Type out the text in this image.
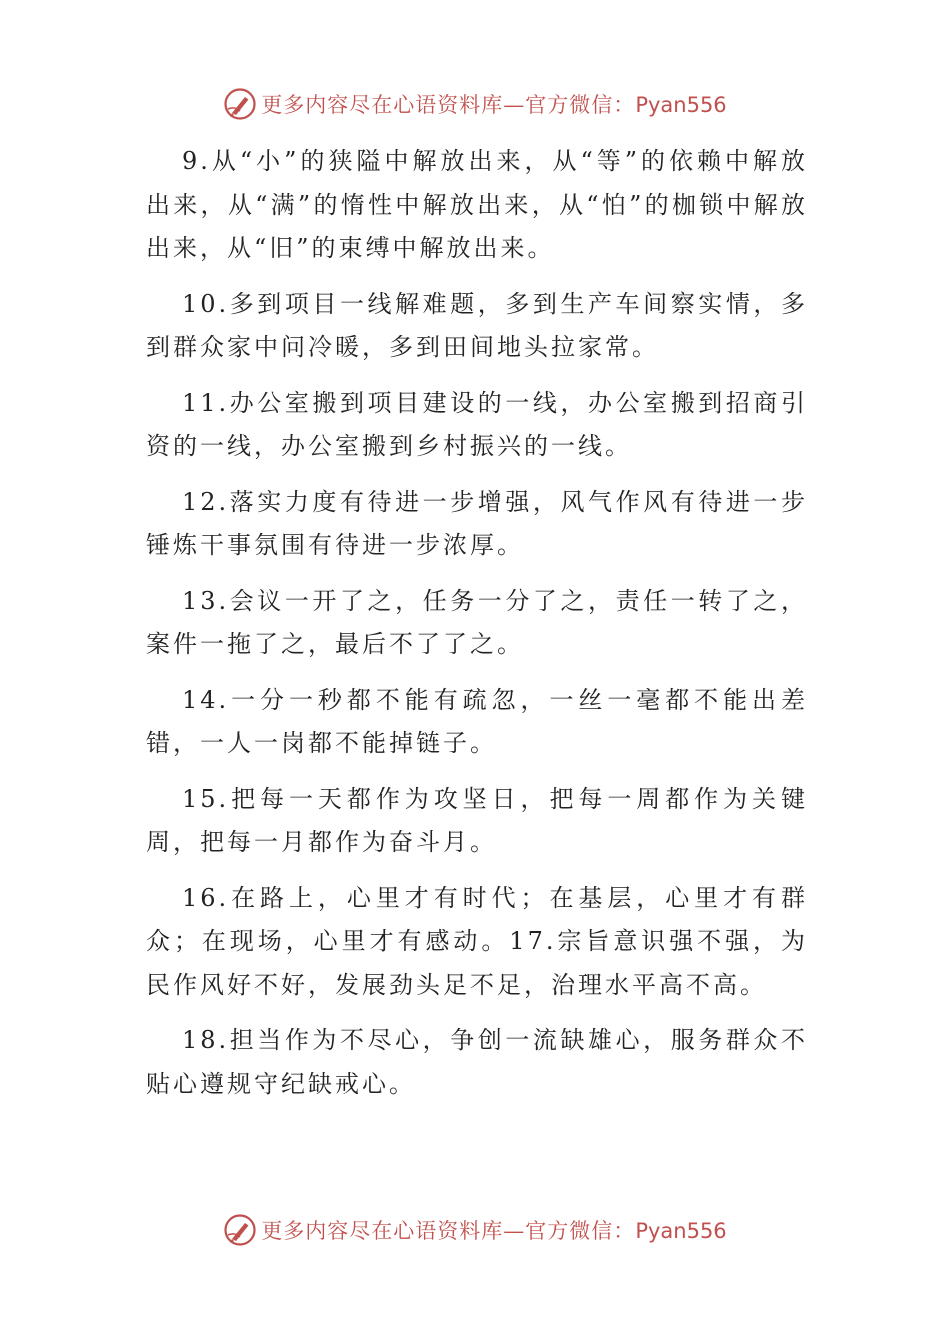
更多内容尽在心语资料库—官方微信：Pyan556

9.从“小”的狭隘中解放出来，从“等”的依赖中解放出来，从“满”的惰性中解放出来，从“怕”的枷锁中解放出来，从“旧”的束缚中解放出来。

10.多到项目一线解难题，多到生产车间察实情，多到群众家中问冷暖，多到田间地头拉家常。

11.办公室搬到项目建设的一线，办公室搬到招商引资的一线，办公室搬到乡村振兴的一线。

12.落实力度有待进一步增强，风气作风有待进一步锤炼干事氛围有待进一步浓厚。

13.会议一开了之，任务一分了之，责任一转了之，案件一拖了之，最后不了了之。

14.一分一秒都不能有疏忽，一丝一毫都不能出差错，一人一岗都不能掉链子。

15.把每一天都作为攻坚日，把每一周都作为关键周，把每一月都作为奋斗月。

16.在路上，心里才有时代；在基层，心里才有群众；在现场，心里才有感动。17.宗旨意识强不强，为民作风好不好，发展劲头足不足，治理水平高不高。

18.担当作为不尽心，争创一流缺雄心，服务群众不贴心遵规守纪缺戒心。

更多内容尽在心语资料库—官方微信：Pyan556
